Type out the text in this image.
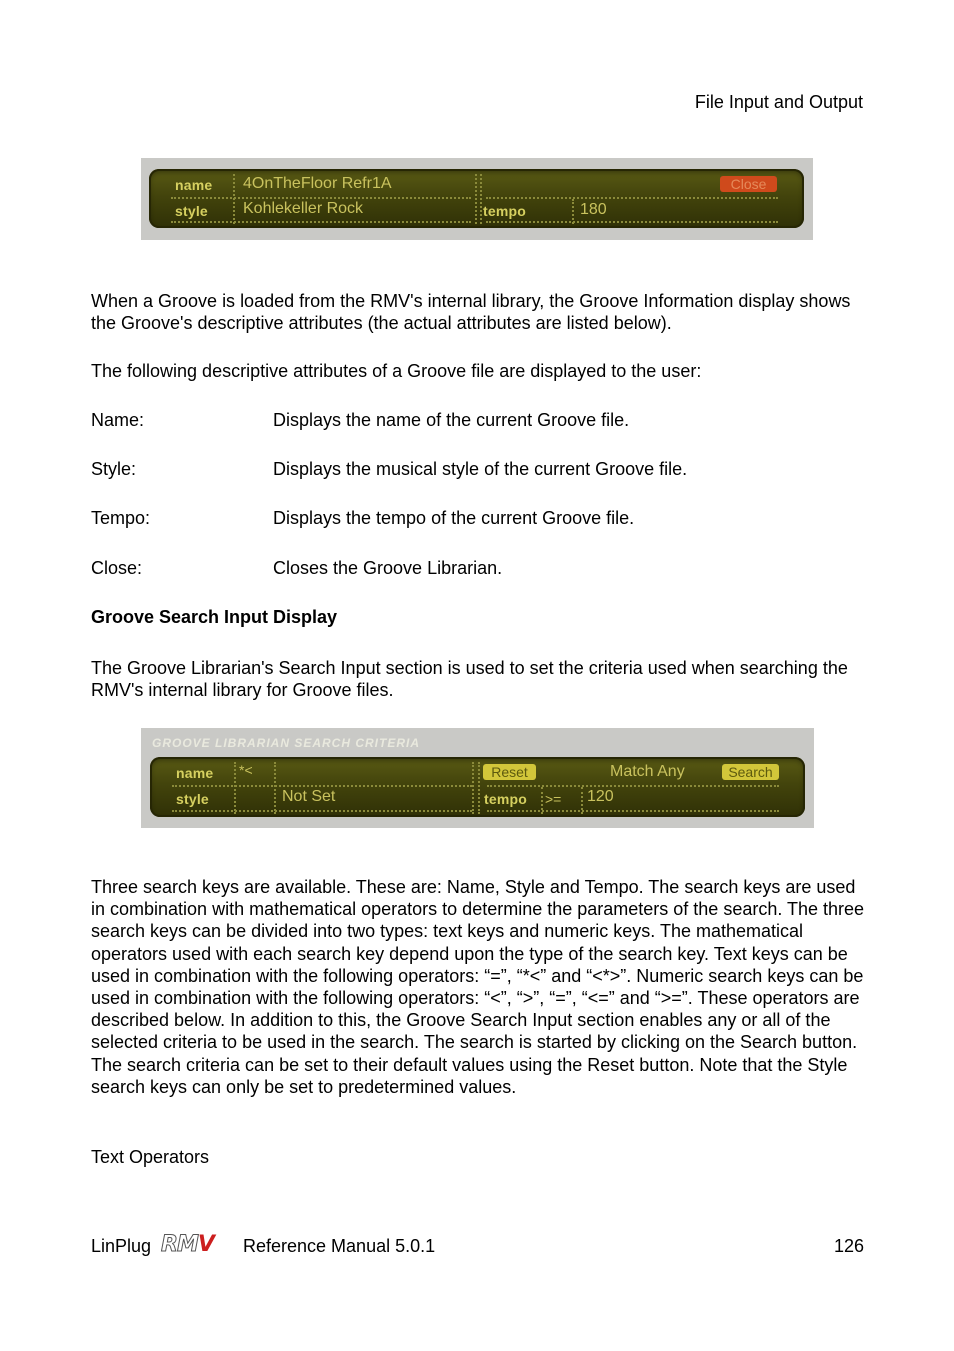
File Input and Output
name 4OnTheFloor Refr1A
style Kohlekeller Rock	tempo	180
Close

When a Groove is loaded from the RMV's internal library, the Groove Information display shows the Groove's descriptive attributes (the actual attributes are listed below).

The following descriptive attributes of a Groove file are displayed to the user:

Name:	Displays the name of the current Groove file.
Style:	Displays the musical style of the current Groove file.
Tempo:	Displays the tempo of the current Groove file.
Close:	Closes the Groove Librarian.
Groove Search Input Display

The Groove Librarian's Search Input section is used to set the criteria used when searching the RMV's internal library for Groove files.

GROOVE LIBRARIAN SEARCH CRITERIA
name *<
style	Not Set	tempo >= 120
Reset	Match Any	Search

Three search keys are available. These are: Name, Style and Tempo. The search keys are used in combination with mathematical operators to determine the parameters of the search. The three search keys can be divided into two types: text keys and numeric keys. The mathematical operators used with each search key depend upon the type of the search key. Text keys can be used in combination with the following operators: “=”, “*<” and “<*>”. Numeric search keys can be used in combination with the following operators: “<”, “>”, “=”, “<=” and “>=”. These operators are described below. In addition to this, the Groove Search Input section enables any or all of the selected criteria to be used in the search. The search is started by clicking on the Search button. The search criteria can be set to their default values using the Reset button. Note that the Style search keys can only be set to predetermined values.

Text Operators
LinPlug RMV Reference Manual 5.0.1	126
